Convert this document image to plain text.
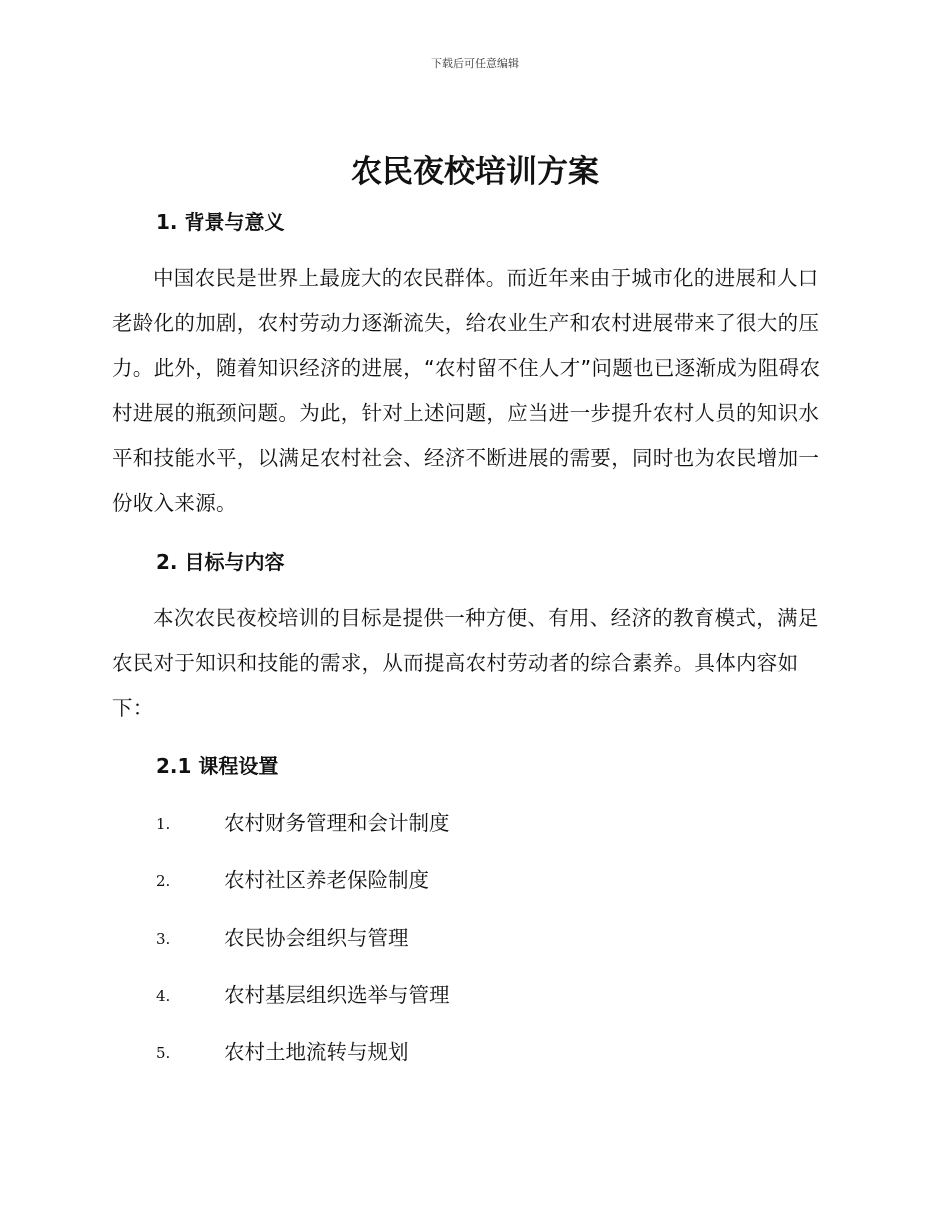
下载后可任意编辑
农民夜校培训方案
1. 背景与意义

中国农民是世界上最庞大的农民群体。而近年来由于城市化的进展和人口老龄化的加剧，农村劳动力逐渐流失，给农业生产和农村进展带来了很大的压力。此外，随着知识经济的进展，“农村留不住人才”问题也已逐渐成为阻碍农村进展的瓶颈问题。为此，针对上述问题，应当进一步提升农村人员的知识水平和技能水平，以满足农村社会、经济不断进展的需要，同时也为农民增加一份收入来源。

2. 目标与内容

本次农民夜校培训的目标是提供一种方便、有用、经济的教育模式，满足农民对于知识和技能的需求，从而提高农村劳动者的综合素养。具体内容如下：

2.1 课程设置
1.	农村财务管理和会计制度
2.	农村社区养老保险制度
3.	农民协会组织与管理
4.	农村基层组织选举与管理
5.	农村土地流转与规划
